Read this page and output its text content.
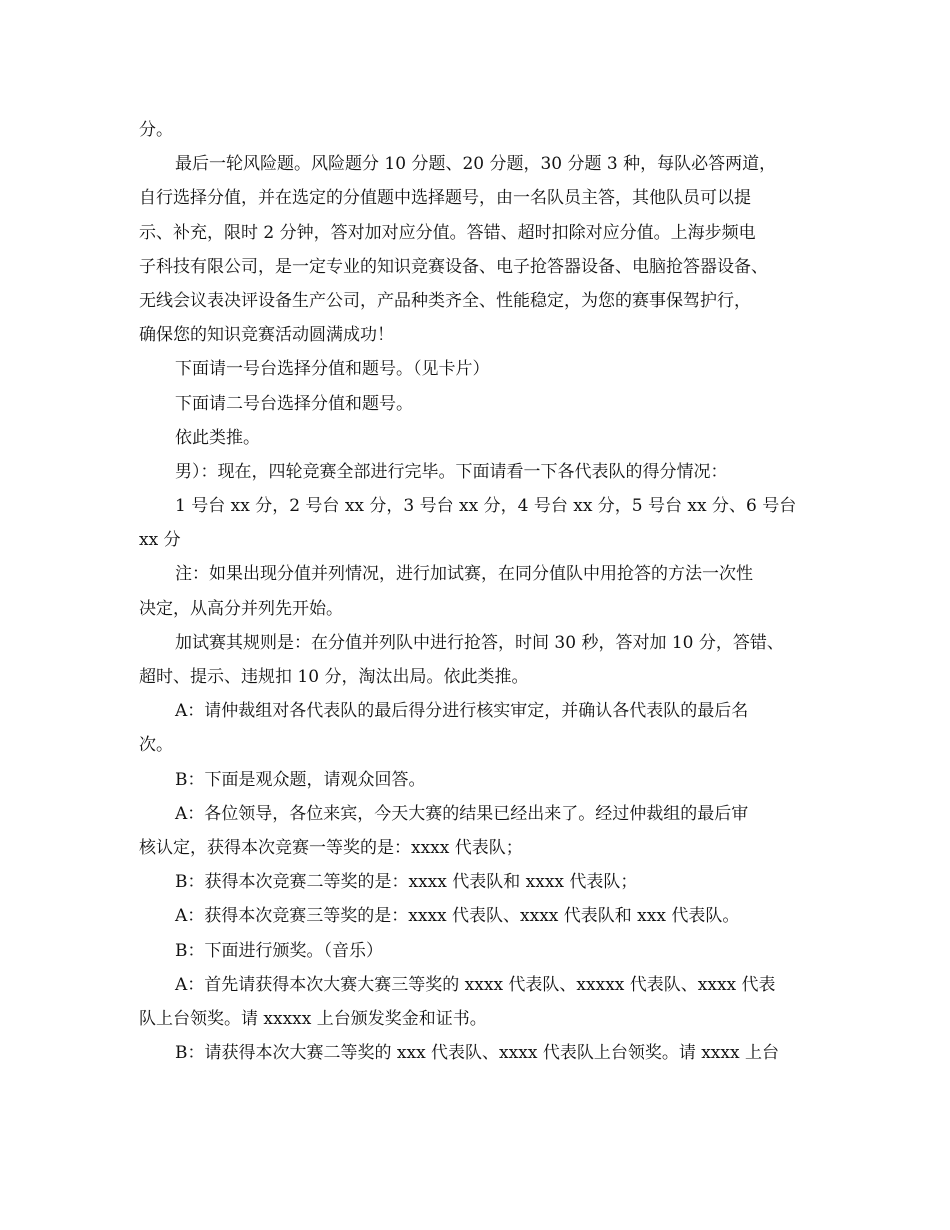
分。
最后一轮风险题。风险题分 10 分题、20 分题，30 分题 3 种，每队必答两道，
自行选择分值，并在选定的分值题中选择题号，由一名队员主答，其他队员可以提
示、补充，限时 2 分钟，答对加对应分值。答错、超时扣除对应分值。上海步频电
子科技有限公司，是一定专业的知识竞赛设备、电子抢答器设备、电脑抢答器设备、
无线会议表决评设备生产公司，产品种类齐全、性能稳定，为您的赛事保驾护行，
确保您的知识竞赛活动圆满成功！
下面请一号台选择分值和题号。（见卡片）
下面请二号台选择分值和题号。
依此类推。
男）：现在，四轮竞赛全部进行完毕。下面请看一下各代表队的得分情况：
1 号台 xx 分，2 号台 xx 分，3 号台 xx 分，4 号台 xx 分，5 号台 xx 分、6 号台
xx 分
注：如果出现分值并列情况，进行加试赛，在同分值队中用抢答的方法一次性
决定，从高分并列先开始。
加试赛其规则是：在分值并列队中进行抢答，时间 30 秒，答对加 10 分，答错、
超时、提示、违规扣 10 分，淘汰出局。依此类推。
A：请仲裁组对各代表队的最后得分进行核实审定，并确认各代表队的最后名
次。
B：下面是观众题，请观众回答。
A：各位领导，各位来宾，今天大赛的结果已经出来了。经过仲裁组的最后审
核认定，获得本次竞赛一等奖的是：xxxx 代表队；
B：获得本次竞赛二等奖的是：xxxx 代表队和 xxxx 代表队；
A：获得本次竞赛三等奖的是：xxxx 代表队、xxxx 代表队和 xxx 代表队。
B：下面进行颁奖。（音乐）
A：首先请获得本次大赛大赛三等奖的 xxxx 代表队、xxxxx 代表队、xxxx 代表
队上台领奖。请 xxxxx 上台颁发奖金和证书。
B：请获得本次大赛二等奖的 xxx 代表队、xxxx 代表队上台领奖。请 xxxx 上台
